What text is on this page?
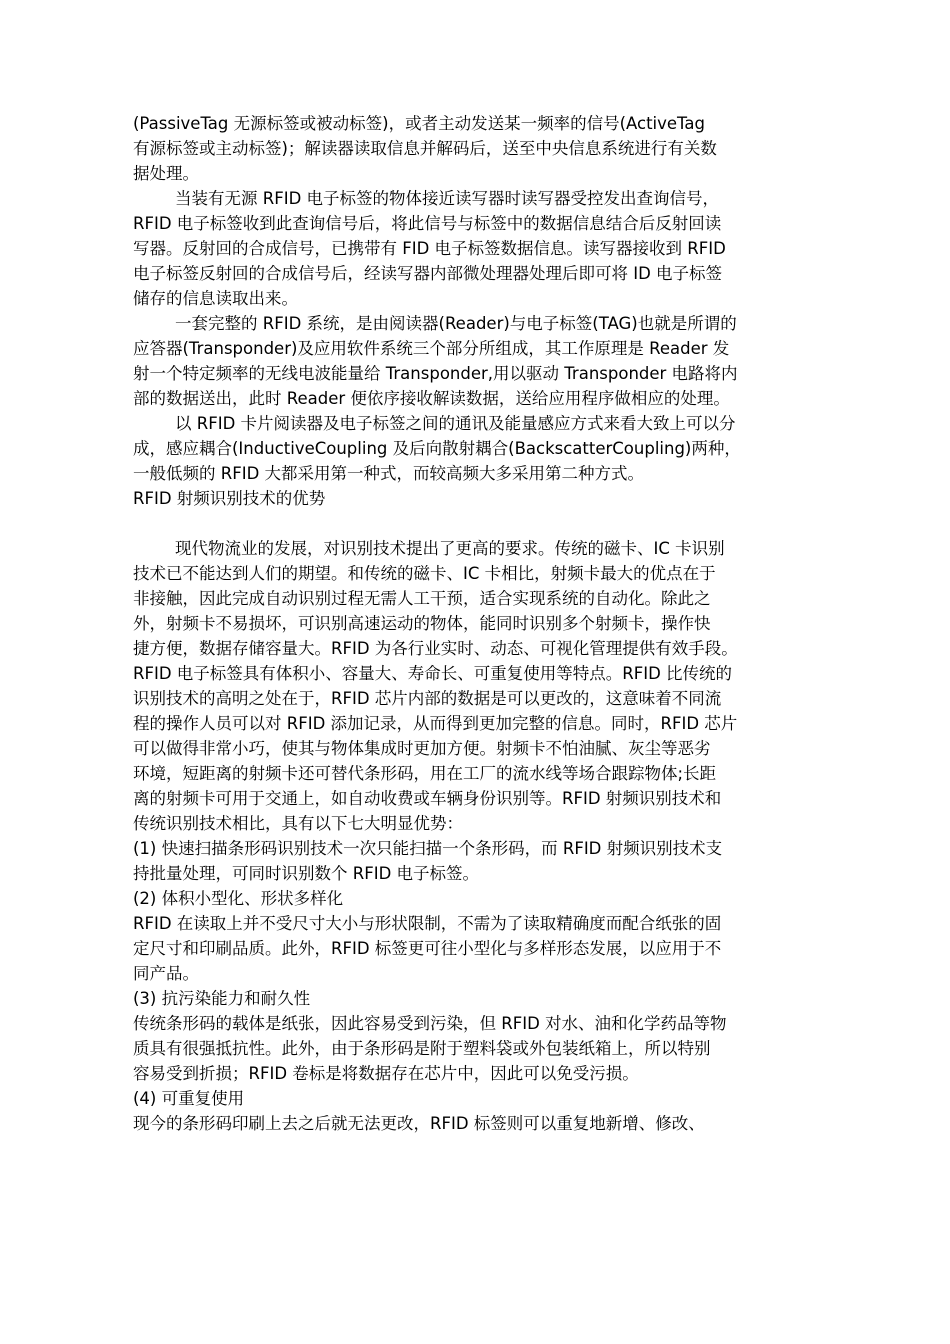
(PassiveTag 无源标签或被动标签)，或者主动发送某一频率的信号(ActiveTag
有源标签或主动标签)；解读器读取信息并解码后，送至中央信息系统进行有关数
据处理。
当装有无源 RFID 电子标签的物体接近读写器时读写器受控发出查询信号，
RFID 电子标签收到此查询信号后，将此信号与标签中的数据信息结合后反射回读
写器。反射回的合成信号，已携带有 FID 电子标签数据信息。读写器接收到 RFID
电子标签反射回的合成信号后，经读写器内部微处理器处理后即可将 ID 电子标签
储存的信息读取出来。
一套完整的 RFID 系统，是由阅读器(Reader)与电子标签(TAG)也就是所谓的
应答器(Transponder)及应用软件系统三个部分所组成，其工作原理是 Reader 发
射一个特定频率的无线电波能量给 Transponder,用以驱动 Transponder 电路将内
部的数据送出，此时 Reader 便依序接收解读数据，送给应用程序做相应的处理。
以 RFID 卡片阅读器及电子标签之间的通讯及能量感应方式来看大致上可以分
成，感应耦合(InductiveCoupling 及后向散射耦合(BackscatterCoupling)两种，
一般低频的 RFID 大都采用第一种式，而较高频大多采用第二种方式。
RFID 射频识别技术的优势
现代物流业的发展，对识别技术提出了更高的要求。传统的磁卡、IC 卡识别
技术已不能达到人们的期望。和传统的磁卡、IC 卡相比，射频卡最大的优点在于
非接触，因此完成自动识别过程无需人工干预，适合实现系统的自动化。除此之
外，射频卡不易损坏，可识别高速运动的物体，能同时识别多个射频卡，操作快
捷方便，数据存储容量大。RFID 为各行业实时、动态、可视化管理提供有效手段。
RFID 电子标签具有体积小、容量大、寿命长、可重复使用等特点。RFID 比传统的
识别技术的高明之处在于，RFID 芯片内部的数据是可以更改的，这意味着不同流
程的操作人员可以对 RFID 添加记录，从而得到更加完整的信息。同时，RFID 芯片
可以做得非常小巧，使其与物体集成时更加方便。射频卡不怕油腻、灰尘等恶劣
环境，短距离的射频卡还可替代条形码，用在工厂的流水线等场合跟踪物体;长距
离的射频卡可用于交通上，如自动收费或车辆身份识别等。RFID 射频识别技术和
传统识别技术相比，具有以下七大明显优势：
(1) 快速扫描条形码识别技术一次只能扫描一个条形码，而 RFID 射频识别技术支
持批量处理，可同时识别数个 RFID 电子标签。
(2) 体积小型化、形状多样化
RFID 在读取上并不受尺寸大小与形状限制，不需为了读取精确度而配合纸张的固
定尺寸和印刷品质。此外，RFID 标签更可往小型化与多样形态发展，以应用于不
同产品。
(3) 抗污染能力和耐久性
传统条形码的载体是纸张，因此容易受到污染，但 RFID 对水、油和化学药品等物
质具有很强抵抗性。此外，由于条形码是附于塑料袋或外包装纸箱上，所以特别
容易受到折损；RFID 卷标是将数据存在芯片中，因此可以免受污损。
(4) 可重复使用
现今的条形码印刷上去之后就无法更改，RFID 标签则可以重复地新增、修改、
